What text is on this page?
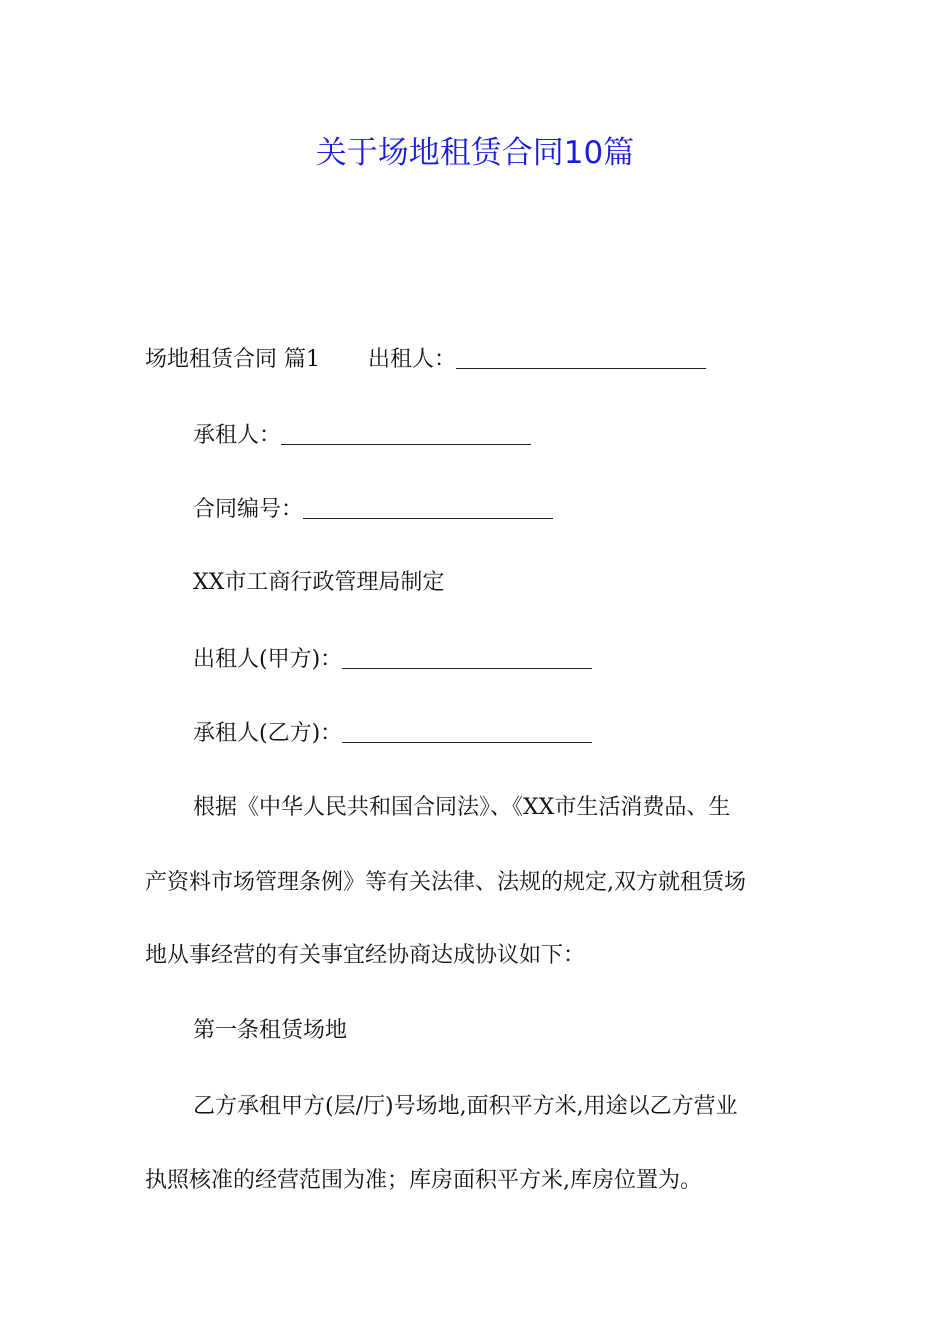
关于场地租赁合同10篇
场地租赁合同 篇1 出租人：
承租人：
合同编号：
XX市工商行政管理局制定
出租人(甲方)：
承租人(乙方)：
根据《中华人民共和国合同法》、《XX市生活消费品、生
产资料市场管理条例》等有关法律、法规的规定,双方就租赁场
地从事经营的有关事宜经协商达成协议如下：
第一条租赁场地
乙方承租甲方(层/厅)号场地,面积平方米,用途以乙方营业
执照核准的经营范围为准；库房面积平方米,库房位置为。
